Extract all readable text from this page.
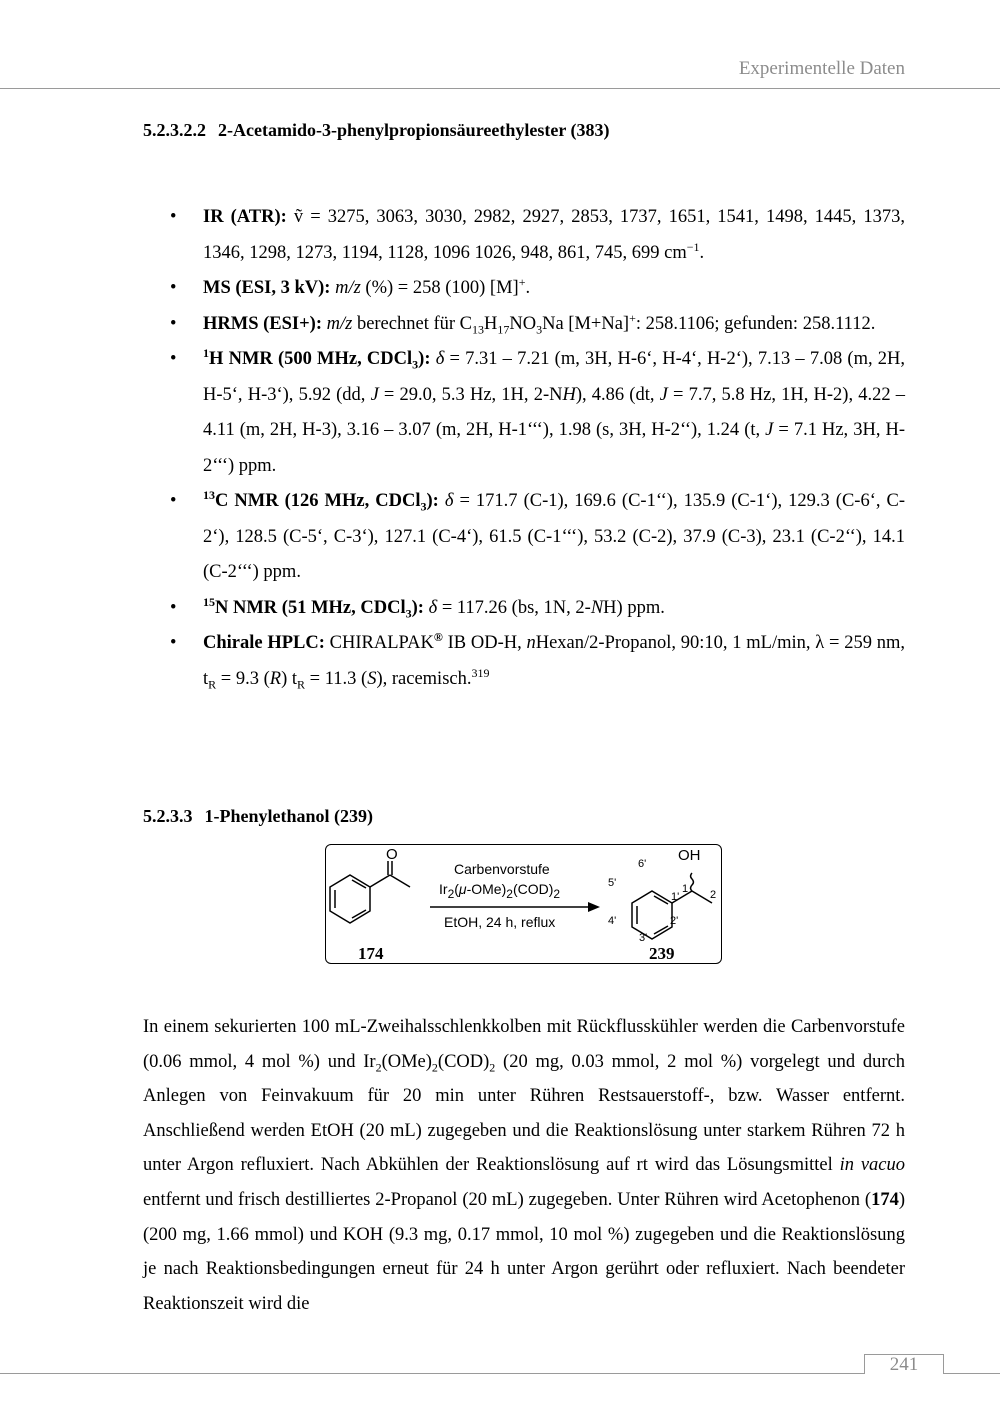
Experimentelle Daten
5.2.3.2.2 2-Acetamido-3-phenylpropionsäureethylester (383)
• IR (ATR): ṽ = 3275, 3063, 3030, 2982, 2927, 2853, 1737, 1651, 1541, 1498, 1445, 1373, 1346, 1298, 1273, 1194, 1128, 1096 1026, 948, 861, 745, 699 $cm^{-1}$.
• MS (ESI, 3 kV): m/z (%) = 258 (100) [M]+.
• HRMS (ESI+): m/z berechnet für $C_{13}H_{17}NO_3Na$ [M+Na]+: 258.1106; gefunden: 258.1112.
• $^1$H NMR (500 MHz, CDCl$_3$): δ = 7.31 – 7.21 (m, 3H, H-6‘, H-4‘, H-2‘), 7.13 – 7.08 (m, 2H, H-5‘, H-3‘), 5.92 (dd, J = 29.0, 5.3 Hz, 1H, 2-NH), 4.86 (dt, J = 7.7, 5.8 Hz, 1H, H-2), 4.22 – 4.11 (m, 2H, H-3), 3.16 – 3.07 (m, 2H, H-1‘‘‘), 1.98 (s, 3H, H-2‘‘), 1.24 (t, J = 7.1 Hz, 3H, H-2‘‘‘) ppm.
• $^{13}$C NMR (126 MHz, CDCl$_3$): δ = 171.7 (C-1), 169.6 (C-1‘‘), 135.9 (C-1‘), 129.3 (C-6‘, C-2‘), 128.5 (C-5‘, C-3‘), 127.1 (C-4‘), 61.5 (C-1‘‘‘), 53.2 (C-2), 37.9 (C-3), 23.1 (C-2‘‘), 14.1 (C-2‘‘‘) ppm.
• $^{15}$N NMR (51 MHz, CDCl$_3$): δ = 117.26 (bs, 1N, 2-NH) ppm.
• Chirale HPLC: CHIRALPAK® IB OD-H, nHexan/2-Propanol, 90:10, 1 mL/min, λ = 259 nm, $t_R = 9.3$ (R) $t_R = 11.3$ (S), racemisch.$^{319}$
5.2.3.3 1-Phenylethanol (239)
O
Carbenvorstufe
$Ir_2(\mu-OMe)_2(COD)_2$
EtOH, 24 h, reflux
OH
6'
5'
4'
3'
2'
1'
1 2
174	239

In einem sekurierten 100 mL-Zweihalsschlenkkolben mit Rückflusskühler werden die Carbenvorstufe (0.06 mmol, 4 mol %) und $Ir_2(OMe)_2(COD)_2$ (20 mg, 0.03 mmol, 2 mol %) vorgelegt und durch Anlegen von Feinvakuum für 20 min unter Rühren Restsauerstoff-, bzw. Wasser entfernt. Anschließend werden EtOH (20 mL) zugegeben und die Reaktionslösung unter starkem Rühren 72 h unter Argon refluxiert. Nach Abkühlen der Reaktionslösung auf rt wird das Lösungsmittel in vacuo entfernt und frisch destilliertes 2-Propanol (20 mL) zugegeben. Unter Rühren wird Acetophenon (174) (200 mg, 1.66 mmol) und KOH (9.3 mg, 0.17 mmol, 10 mol %) zugegeben und die Reaktionslösung je nach Reaktionsbedingungen erneut für 24 h unter Argon gerührt oder refluxiert. Nach beendeter Reaktionszeit wird die

241
